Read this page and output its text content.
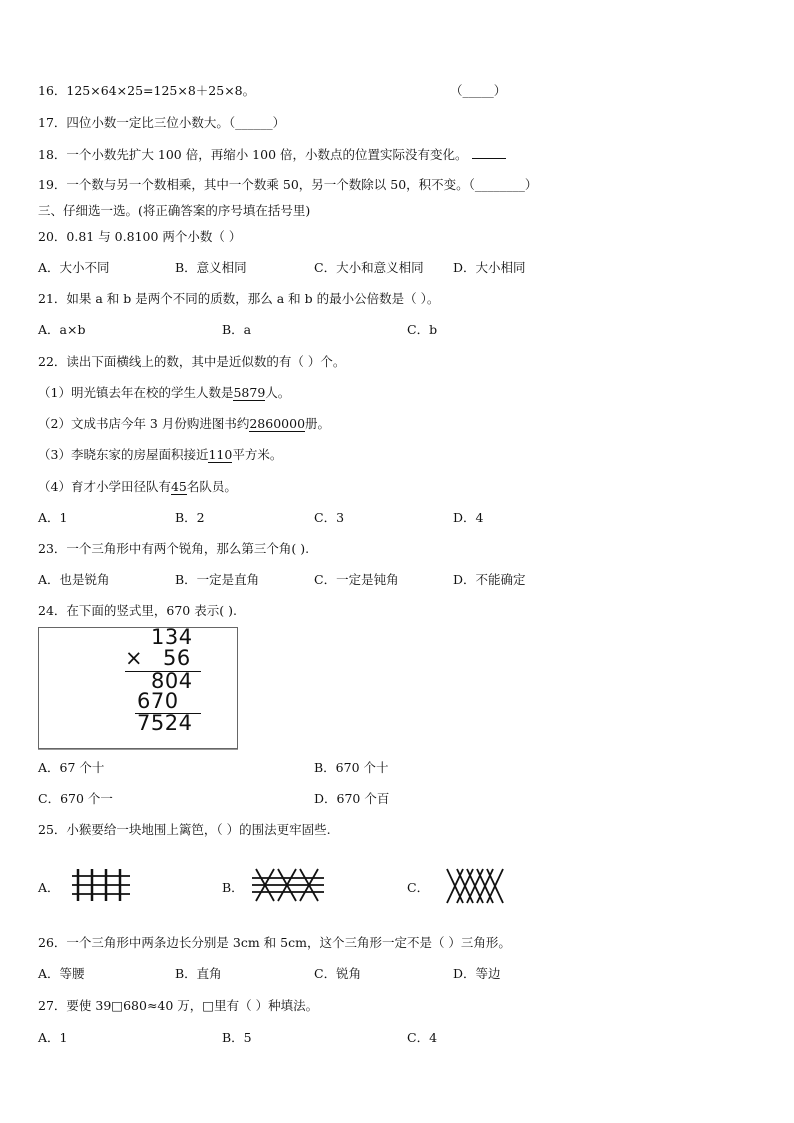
16．125×64×25=125×8＋25×8。	（_____）
17．四位小数一定比三位小数大。（______）
18．一个小数先扩大 100 倍，再缩小 100 倍，小数点的位置实际没有变化。
19．一个数与另一个数相乘，其中一个数乘 50，另一个数除以 50，积不变。（________）
三、仔细选一选。(将正确答案的序号填在括号里)
20．0.81 与 0.8100 两个小数（ ）
A．大小不同	B．意义相同	C．大小和意义相同 D．大小相同
21．如果 a 和 b 是两个不同的质数，那么 a 和 b 的最小公倍数是（ ）。
A．a×b	B．a	C．b
22．读出下面横线上的数，其中是近似数的有（ ）个。
（1）明光镇去年在校的学生人数是5879人。
（2）文成书店今年 3 月份购进图书约2860000册。
（3）李晓东家的房屋面积接近110平方米。
（4）育才小学田径队有45名队员。
A．1	B．2	C．3	D．4
23．一个三角形中有两个锐角，那么第三个角( ).
A．也是锐角	B．一定是直角	C．一定是钝角	D．不能确定
24．在下面的竖式里，670 表示( ).
134
× 56
804
670
7524
A．67 个十	B．670 个十
C．670 个一	D．670 个百
25．小猴要给一块地围上篱笆，（ ）的围法更牢固些.
A．	B．	C．
26．一个三角形中两条边长分别是 3cm 和 5cm，这个三角形一定不是（ ）三角形。
A．等腰	B．直角	C．锐角	D．等边
27．要使 39□680≈40 万，□里有（ ）种填法。
A．1	B．5	C．4
